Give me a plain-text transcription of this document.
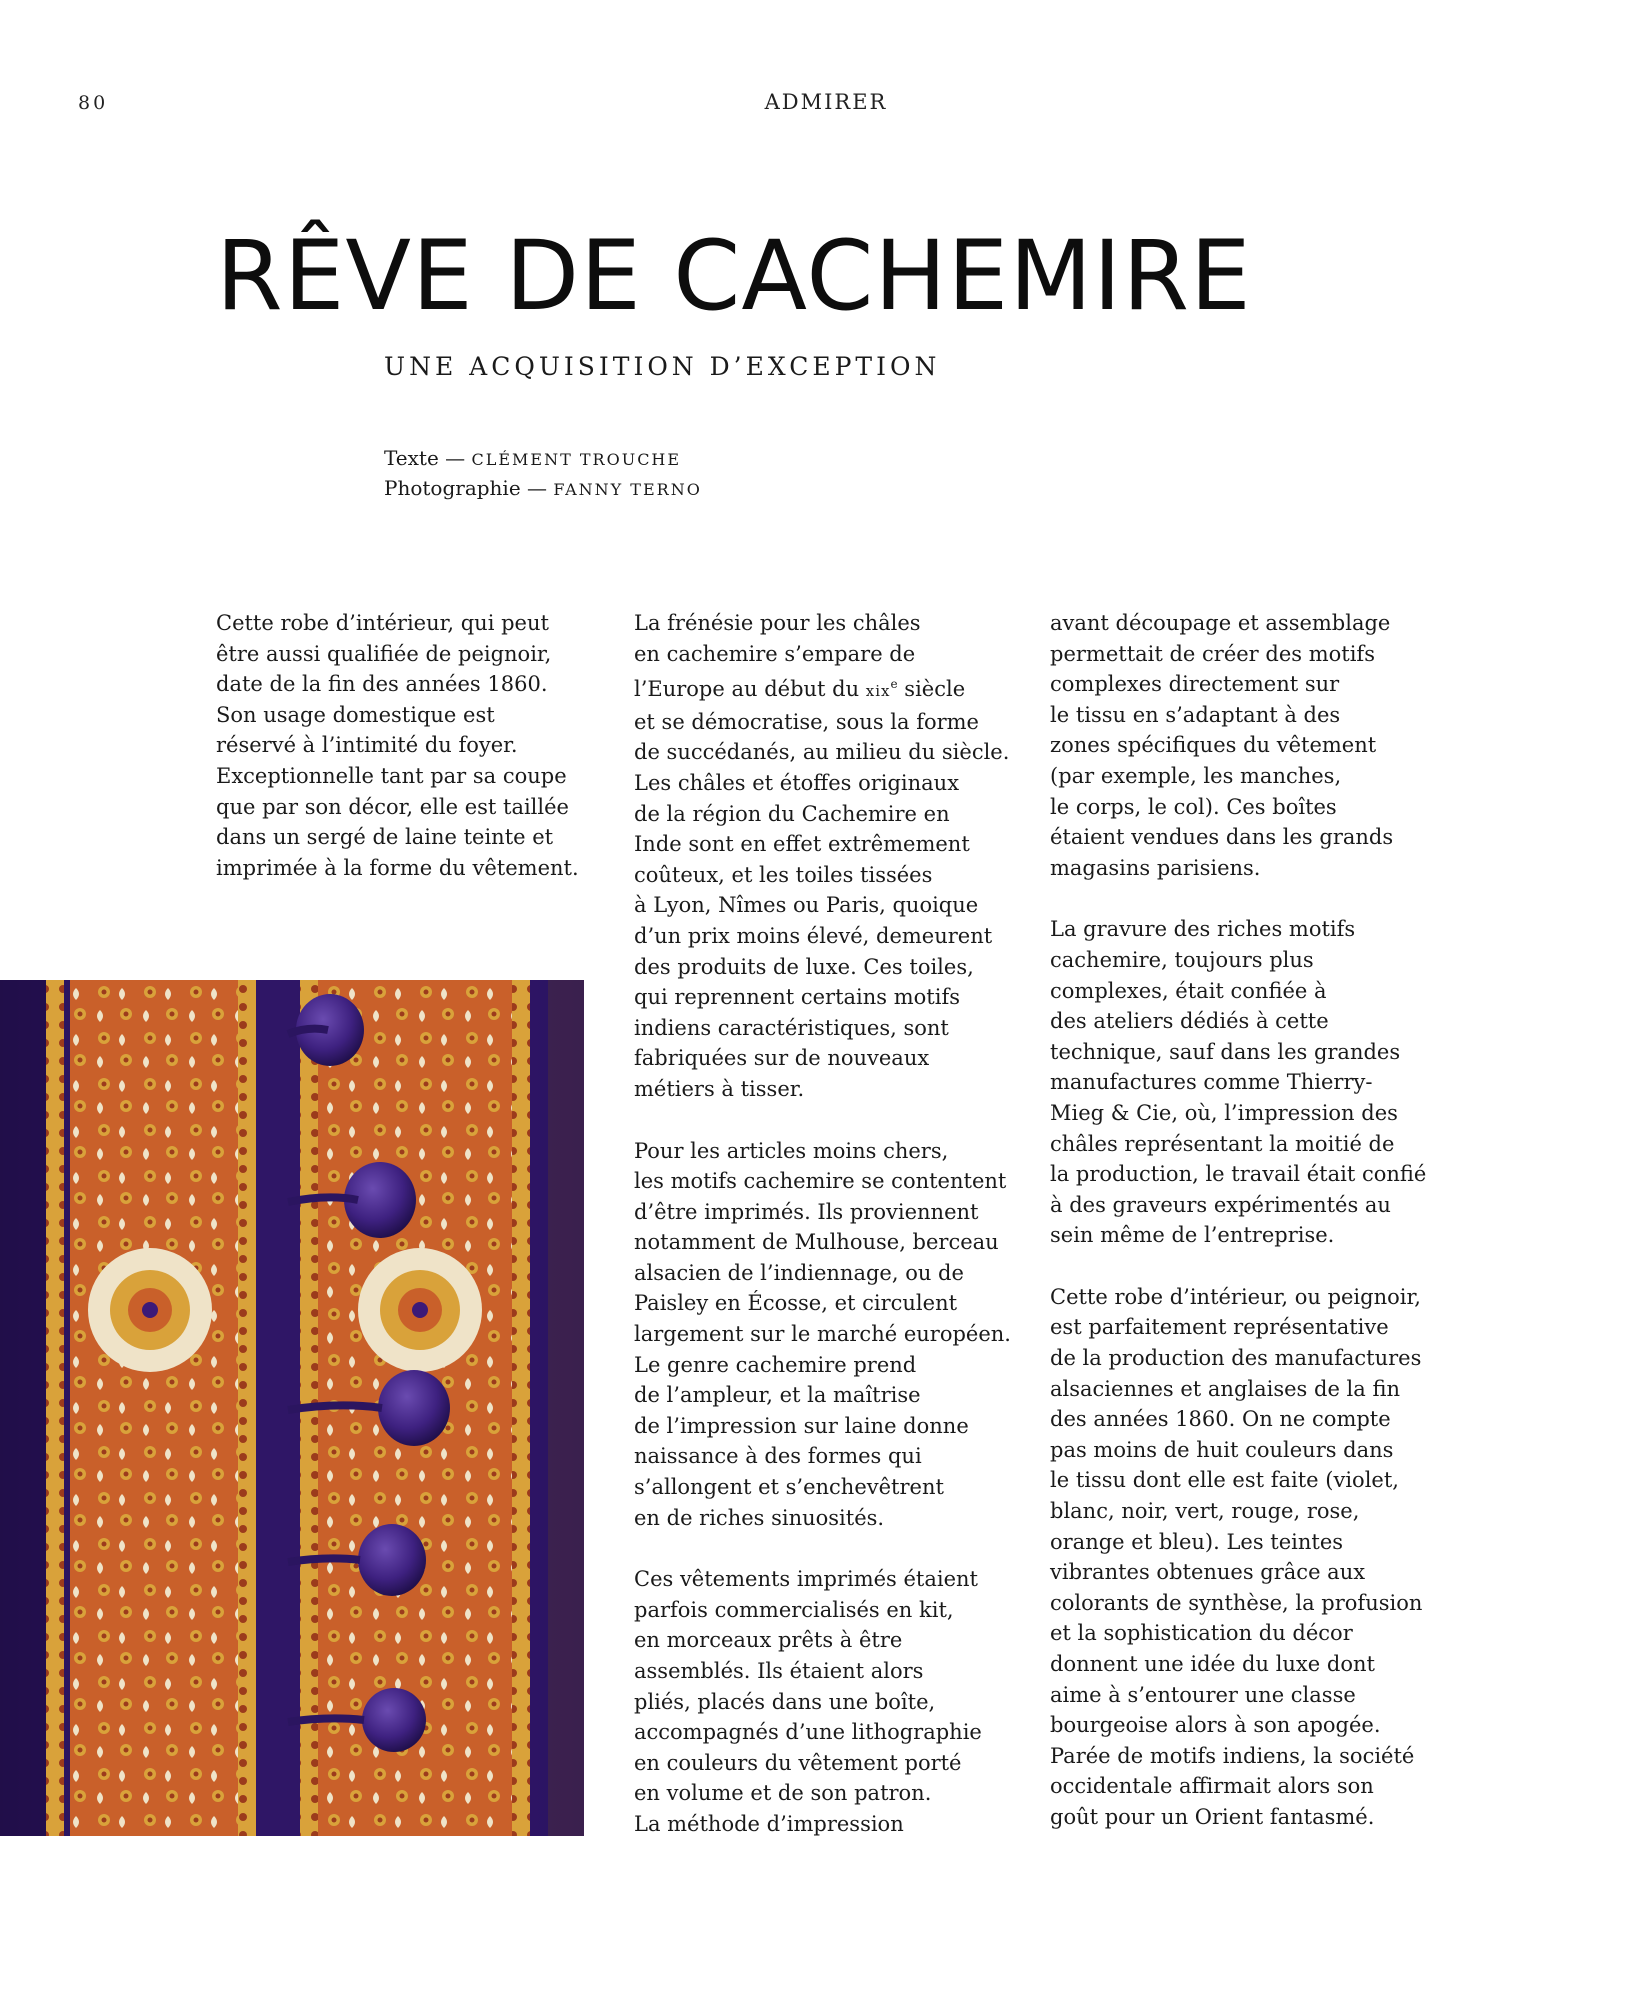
80	ADMIRER
RÊVE DE CACHEMIRE
UNE ACQUISITION D’EXCEPTION
Texte — CLÉMENT TROUCHE
Photographie — FANNY TERNO

Cette robe d’intérieur, qui peut
être aussi qualifiée de peignoir,
date de la fin des années 1860.
Son usage domestique est
réservé à l’intimité du foyer.
Exceptionnelle tant par sa coupe
que par son décor, elle est taillée
dans un sergé de laine teinte et
imprimée à la forme du vêtement.

La frénésie pour les châles
en cachemire s’empare de
l’Europe au début du xix$^e$ siècle
et se démocratise, sous la forme
de succédanés, au milieu du siècle.
Les châles et étoffes originaux
de la région du Cachemire en
Inde sont en effet extrêmement
coûteux, et les toiles tissées
à Lyon, Nîmes ou Paris, quoique
d’un prix moins élevé, demeurent
des produits de luxe. Ces toiles,
qui reprennent certains motifs
indiens caractéristiques, sont
fabriquées sur de nouveaux
métiers à tisser.

Pour les articles moins chers,
les motifs cachemire se contentent
d’être imprimés. Ils proviennent
notamment de Mulhouse, berceau
alsacien de l’indiennage, ou de
Paisley en Écosse, et circulent
largement sur le marché européen.
Le genre cachemire prend
de l’ampleur, et la maîtrise
de l’impression sur laine donne
naissance à des formes qui
s’allongent et s’enchevêtrent
en de riches sinuosités.

Ces vêtements imprimés étaient
parfois commercialisés en kit,
en morceaux prêts à être
assemblés. Ils étaient alors
pliés, placés dans une boîte,
accompagnés d’une lithographie
en couleurs du vêtement porté
en volume et de son patron.
La méthode d’impression

avant découpage et assemblage
permettait de créer des motifs
complexes directement sur
le tissu en s’adaptant à des
zones spécifiques du vêtement
(par exemple, les manches,
le corps, le col). Ces boîtes
étaient vendues dans les grands
magasins parisiens.

La gravure des riches motifs
cachemire, toujours plus
complexes, était confiée à
des ateliers dédiés à cette
technique, sauf dans les grandes
manufactures comme Thierry-
Mieg & Cie, où, l’impression des
châles représentant la moitié de
la production, le travail était confié
à des graveurs expérimentés au
sein même de l’entreprise.

Cette robe d’intérieur, ou peignoir,
est parfaitement représentative
de la production des manufactures
alsaciennes et anglaises de la fin
des années 1860. On ne compte
pas moins de huit couleurs dans
le tissu dont elle est faite (violet,
blanc, noir, vert, rouge, rose,
orange et bleu). Les teintes
vibrantes obtenues grâce aux
colorants de synthèse, la profusion
et la sophistication du décor
donnent une idée du luxe dont
aime à s’entourer une classe
bourgeoise alors à son apogée.
Parée de motifs indiens, la société
occidentale affirmait alors son
goût pour un Orient fantasmé.
